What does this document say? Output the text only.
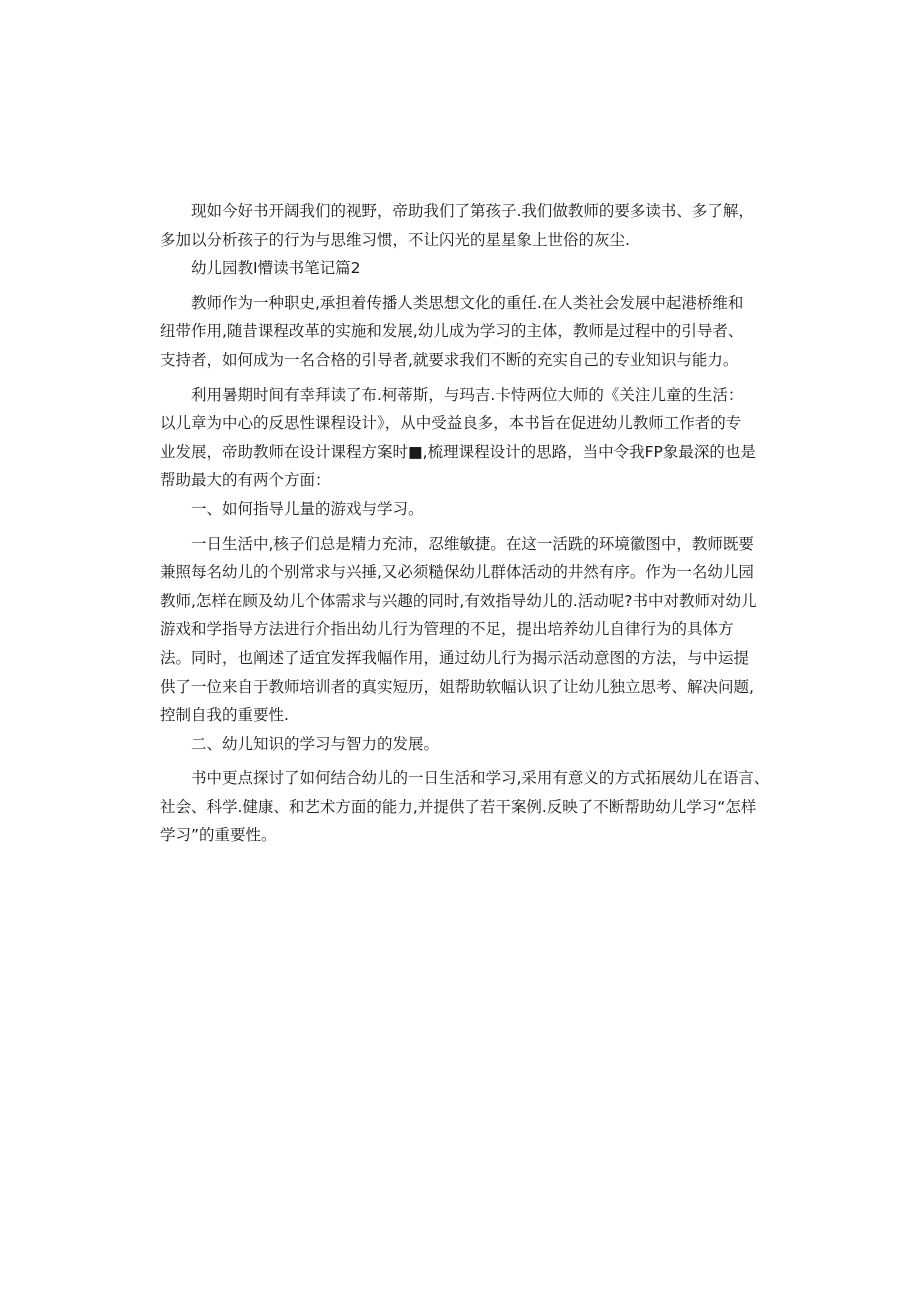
现如今好书开阔我们的视野，帝助我们了第孩子.我们做教师的要多读书、多了解，
多加以分析孩子的行为与思维习惯，不让闪光的星星象上世俗的灰尘.

幼儿园教I懵读书笔记篇2

教师作为一种职史,承担着传播人类思想文化的重任.在人类社会发展中起港桥维和
纽带作用,随昔课程改革的实施和发展,幼儿成为学习的主体，教师是过程中的引导者、
支持者，如何成为一名合格的引导者,就要求我们不断的充实自己的专业知识与能力。

利用暑期时间有幸拜读了布.柯蒂斯，与玛吉.卡恃两位大师的《关注儿童的生活：
以儿章为中心的反思性课程设计》，从中受益良多，本书旨在促进幼儿教师工作者的专
业发展，帝助教师在设计课程方案时■,梳理课程设计的思路，当中令我FP象最深的也是
帮助最大的有两个方面：

一、如何指导儿量的游戏与学习。

一日生活中,核子们总是精力充沛，忍维敏捷。在这一活跣的环境徽图中，教师既要
兼照每名幼儿的个别常求与兴捶,又必须糙保幼儿群体活动的井然有序。作为一名幼儿园
教师,怎样在顾及幼儿个体需求与兴趣的同时,有效指导幼儿的.活动呢?书中对教师对幼儿
游戏和学指导方法进行介指出幼儿行为管理的不足，提出培养幼儿自律行为的具体方
法。同时，也阐述了适宜发挥我幅作用，通过幼儿行为揭示活动意图的方法，与中运提
供了一位来自于教师培训者的真实短历，姐帮助软幅认识了让幼儿独立思考、解决问题,
控制自我的重要性.

二、幼儿知识的学习与智力的发展。

书中更点探讨了如何结合幼儿的一日生活和学习,采用有意义的方式拓展幼儿在语言、
社会、科学.健康、和艺术方面的能力,并提供了若干案例.反映了不断帮助幼儿学习“怎样
学习”的重要性。
